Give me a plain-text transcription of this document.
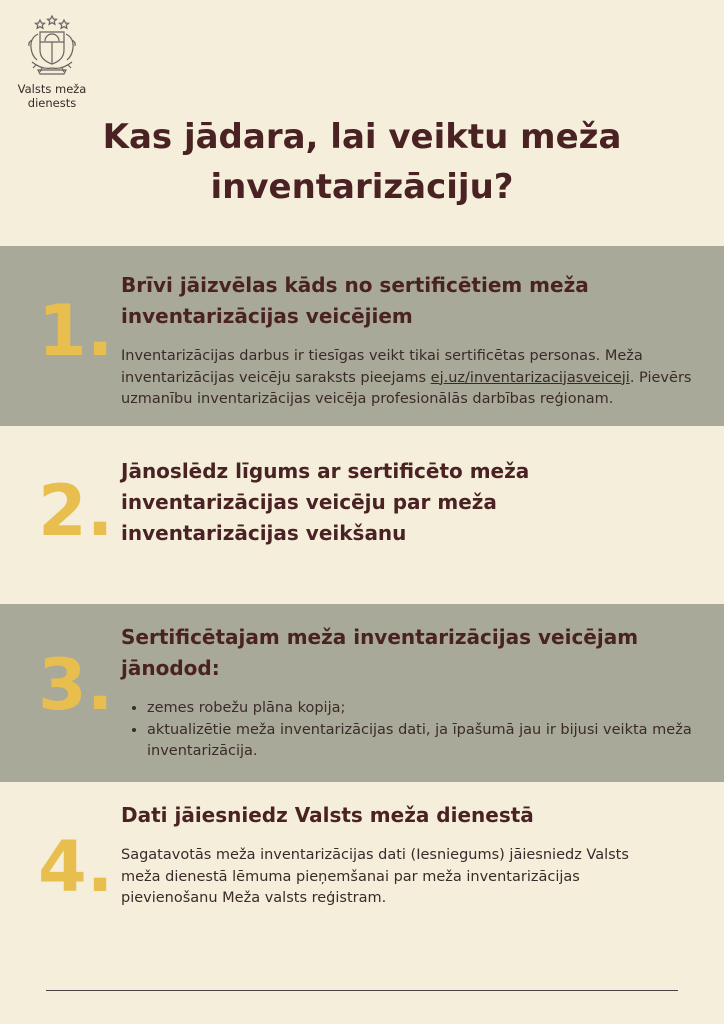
Valsts meža
dienests
Kas jādara, lai veiktu meža
inventarizāciju?
1.
Brīvi jāizvēlas kāds no sertificētiem meža
inventarizācijas veicējiem
Inventarizācijas darbus ir tiesīgas veikt tikai sertificētas personas. Meža
inventarizācijas veicēju saraksts pieejams ej.uz/inventarizacijasveiceji. Pievērs
uzmanību inventarizācijas veicēja profesionālās darbības reģionam.
2. Jānoslēdz līgums ar sertificēto meža
inventarizācijas veicēju par meža
inventarizācijas veikšanu
3.
Sertificētajam meža inventarizācijas veicējam
jānodod:
• zemes robežu plāna kopija;
• aktualizētie meža inventarizācijas dati, ja īpašumā jau ir bijusi veikta meža inventarizācija.
4.
Dati jāiesniedz Valsts meža dienestā
Sagatavotās meža inventarizācijas dati (Iesniegums) jāiesniedz Valsts
meža dienestā lēmuma pieņemšanai par meža inventarizācijas
pievienošanu Meža valsts reģistram.
